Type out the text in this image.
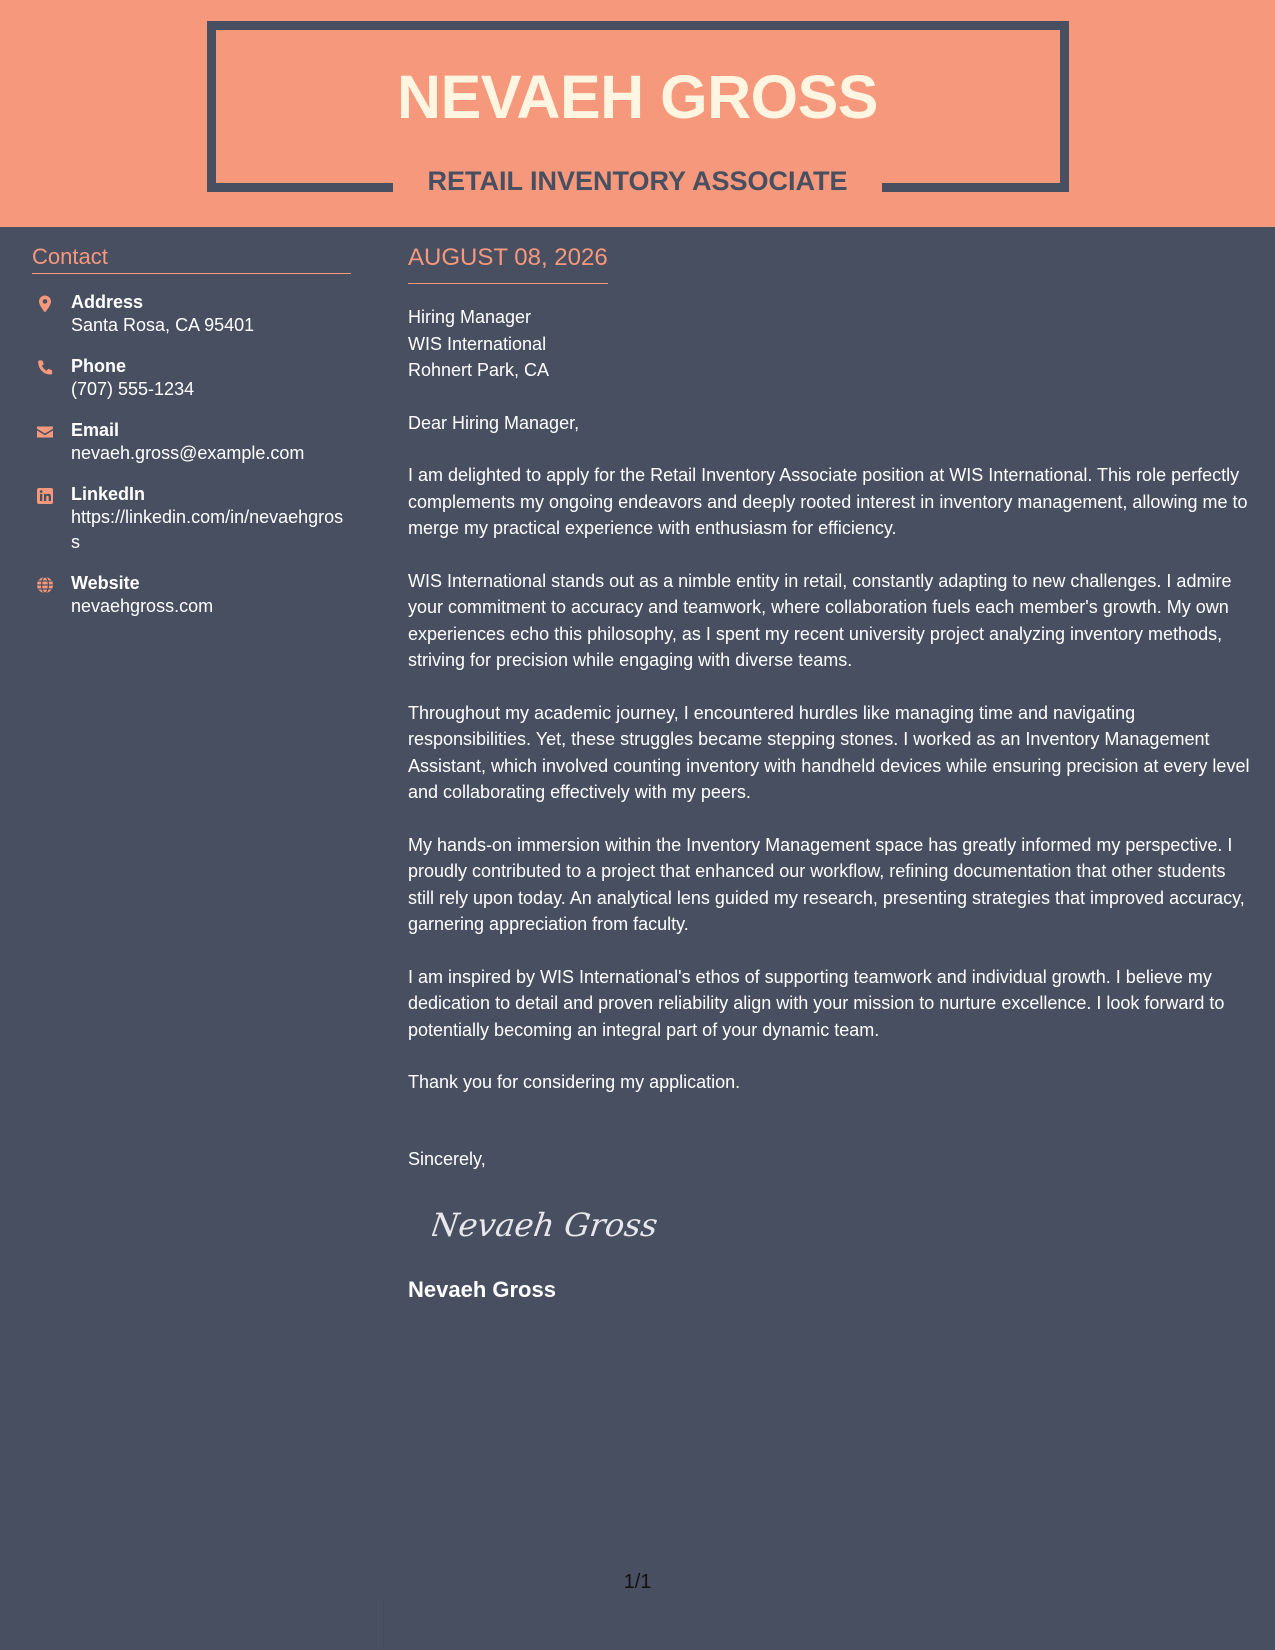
NEVAEH GROSS
RETAIL INVENTORY ASSOCIATE
Contact
Address
Santa Rosa, CA 95401
Phone
(707) 555-1234
Email
nevaeh.gross@example.com
LinkedIn
https://linkedin.com/in/nevaehgross
Website
nevaehgross.com
AUGUST 08, 2026
Hiring Manager
WIS International
Rohnert Park, CA
Dear Hiring Manager,

I am delighted to apply for the Retail Inventory Associate position at WIS International. This role perfectly complements my ongoing endeavors and deeply rooted interest in inventory management, allowing me to merge my practical experience with enthusiasm for efficiency.

WIS International stands out as a nimble entity in retail, constantly adapting to new challenges. I admire your commitment to accuracy and teamwork, where collaboration fuels each member's growth. My own experiences echo this philosophy, as I spent my recent university project analyzing inventory methods, striving for precision while engaging with diverse teams.

Throughout my academic journey, I encountered hurdles like managing time and navigating responsibilities. Yet, these struggles became stepping stones. I worked as an Inventory Management Assistant, which involved counting inventory with handheld devices while ensuring precision at every level and collaborating effectively with my peers.

My hands-on immersion within the Inventory Management space has greatly informed my perspective. I proudly contributed to a project that enhanced our workflow, refining documentation that other students still rely upon today. An analytical lens guided my research, presenting strategies that improved accuracy, garnering appreciation from faculty.

I am inspired by WIS International's ethos of supporting teamwork and individual growth. I believe my dedication to detail and proven reliability align with your mission to nurture excellence. I look forward to potentially becoming an integral part of your dynamic team.

Thank you for considering my application.

Sincerely,
Nevaeh Gross
Nevaeh Gross
1/1
